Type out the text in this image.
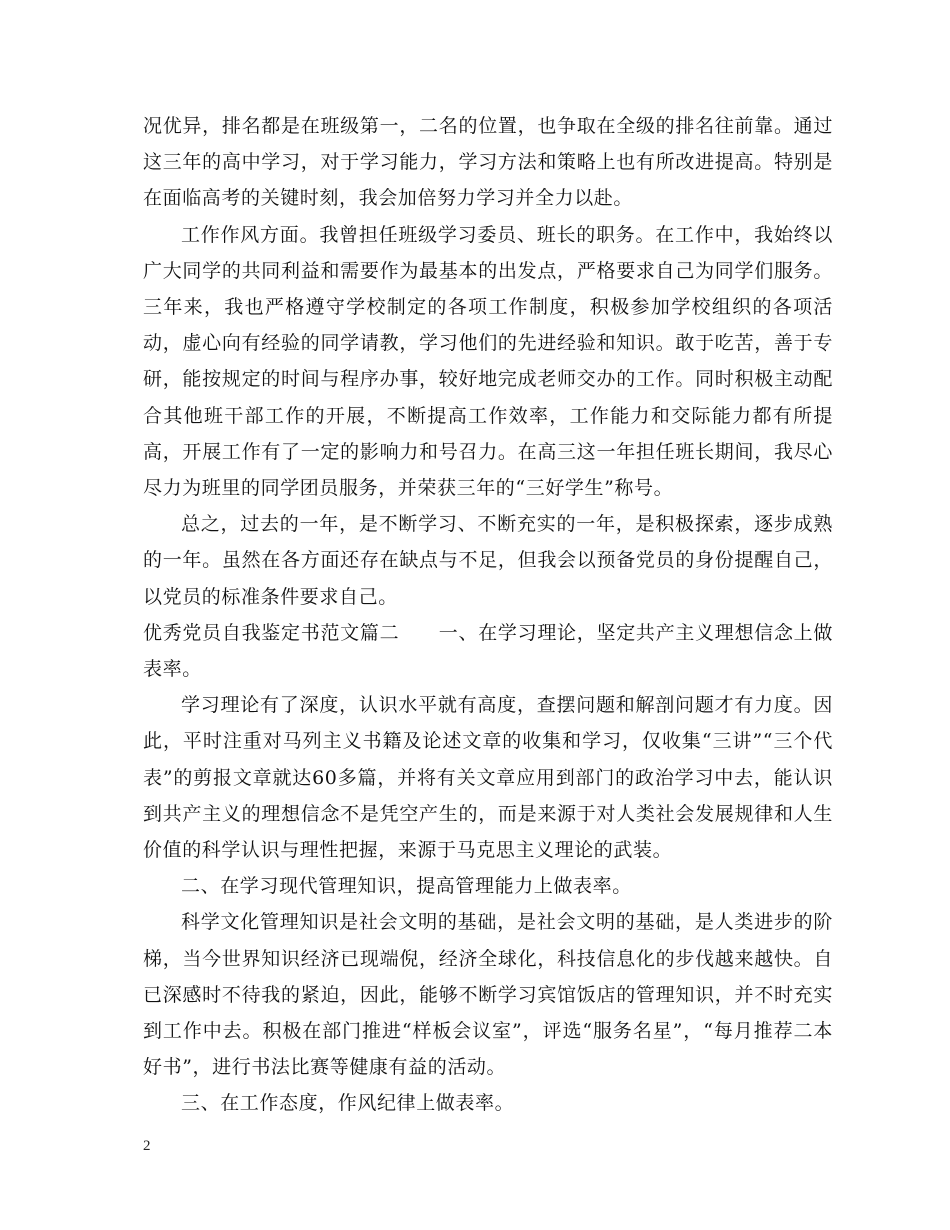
况优异，排名都是在班级第一，二名的位置，也争取在全级的排名往前靠。通过这三年的高中学习，对于学习能力，学习方法和策略上也有所改进提高。特别是在面临高考的关键时刻，我会加倍努力学习并全力以赴。

工作作风方面。我曾担任班级学习委员、班长的职务。在工作中，我始终以广大同学的共同利益和需要作为最基本的出发点，严格要求自己为同学们服务。三年来，我也严格遵守学校制定的各项工作制度，积极参加学校组织的各项活动，虚心向有经验的同学请教，学习他们的先进经验和知识。敢于吃苦，善于专研，能按规定的时间与程序办事，较好地完成老师交办的工作。同时积极主动配合其他班干部工作的开展，不断提高工作效率，工作能力和交际能力都有所提高，开展工作有了一定的影响力和号召力。在高三这一年担任班长期间，我尽心尽力为班里的同学团员服务，并荣获三年的“三好学生”称号。

总之，过去的一年，是不断学习、不断充实的一年，是积极探索，逐步成熟的一年。虽然在各方面还存在缺点与不足，但我会以预备党员的身份提醒自己，以党员的标准条件要求自己。

优秀党员自我鉴定书范文篇二　　一、在学习理论，坚定共产主义理想信念上做表率。

学习理论有了深度，认识水平就有高度，查摆问题和解剖问题才有力度。因此，平时注重对马列主义书籍及论述文章的收集和学习，仅收集“三讲”“三个代表”的剪报文章就达60多篇，并将有关文章应用到部门的政治学习中去，能认识到共产主义的理想信念不是凭空产生的，而是来源于对人类社会发展规律和人生价值的科学认识与理性把握，来源于马克思主义理论的武装。

二、在学习现代管理知识，提高管理能力上做表率。

科学文化管理知识是社会文明的基础，是社会文明的基础，是人类进步的阶梯，当今世界知识经济已现端倪，经济全球化，科技信息化的步伐越来越快。自已深感时不待我的紧迫，因此，能够不断学习宾馆饭店的管理知识，并不时充实到工作中去。积极在部门推进“样板会议室”，评选“服务名星”，“每月推荐二本好书”，进行书法比赛等健康有益的活动。

三、在工作态度，作风纪律上做表率。

2
